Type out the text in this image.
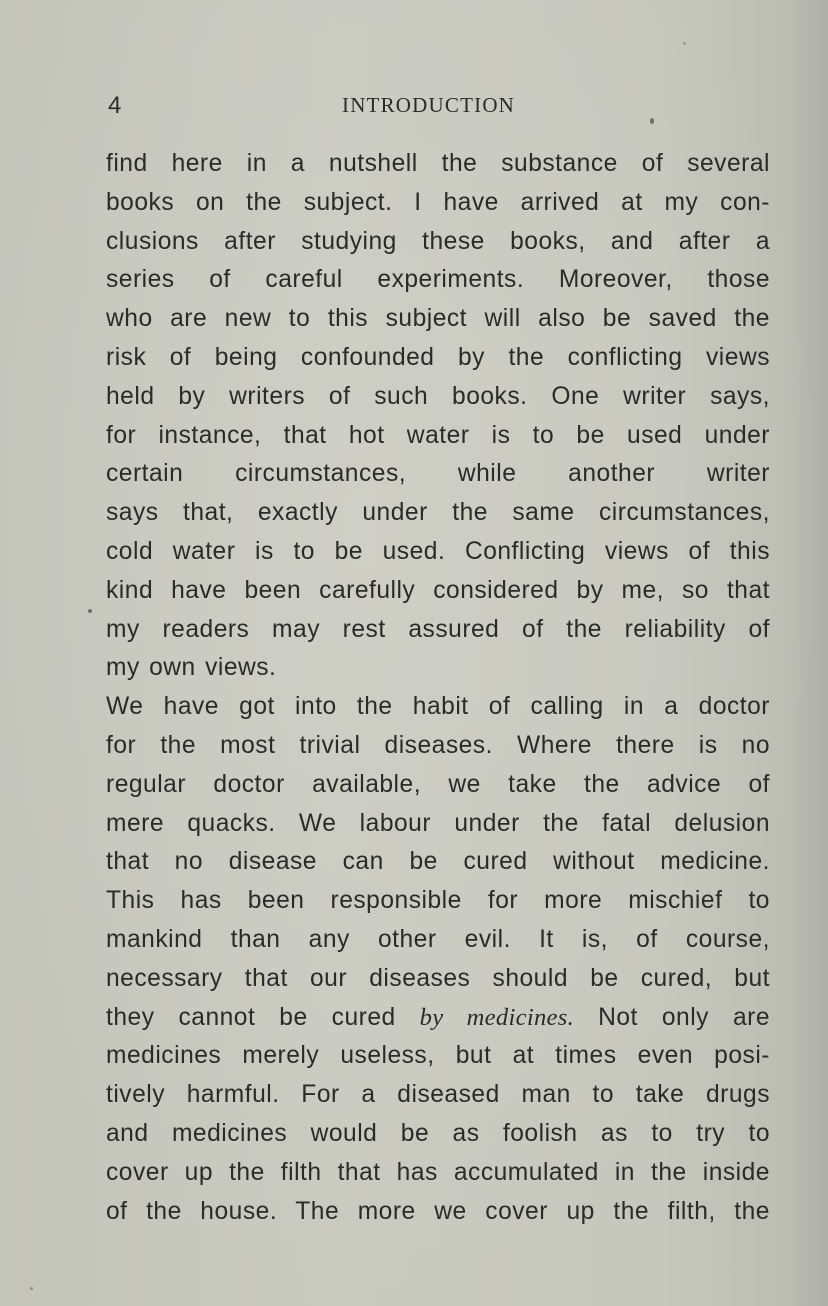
4	INTRODUCTION

find here in a nutshell the substance of several
books on the subject. I have arrived at my con-
clusions after studying these books, and after a
series of careful experiments. Moreover, those
who are new to this subject will also be saved the
risk of being confounded by the conflicting views
held by writers of such books. One writer says,
for instance, that hot water is to be used under
certain circumstances, while another writer
says that, exactly under the same circumstances,
cold water is to be used. Conflicting views of this
kind have been carefully considered by me, so that
my readers may rest assured of the reliability of
my own views.

We have got into the habit of calling in a doctor
for the most trivial diseases. Where there is no
regular doctor available, we take the advice of
mere quacks. We labour under the fatal delusion
that no disease can be cured without medicine.
This has been responsible for more mischief to
mankind than any other evil. It is, of course,
necessary that our diseases should be cured, but
they cannot be cured by medicines. Not only are
medicines merely useless, but at times even posi-
tively harmful. For a diseased man to take drugs
and medicines would be as foolish as to try to
cover up the filth that has accumulated in the inside
of the house. The more we cover up the filth, the
